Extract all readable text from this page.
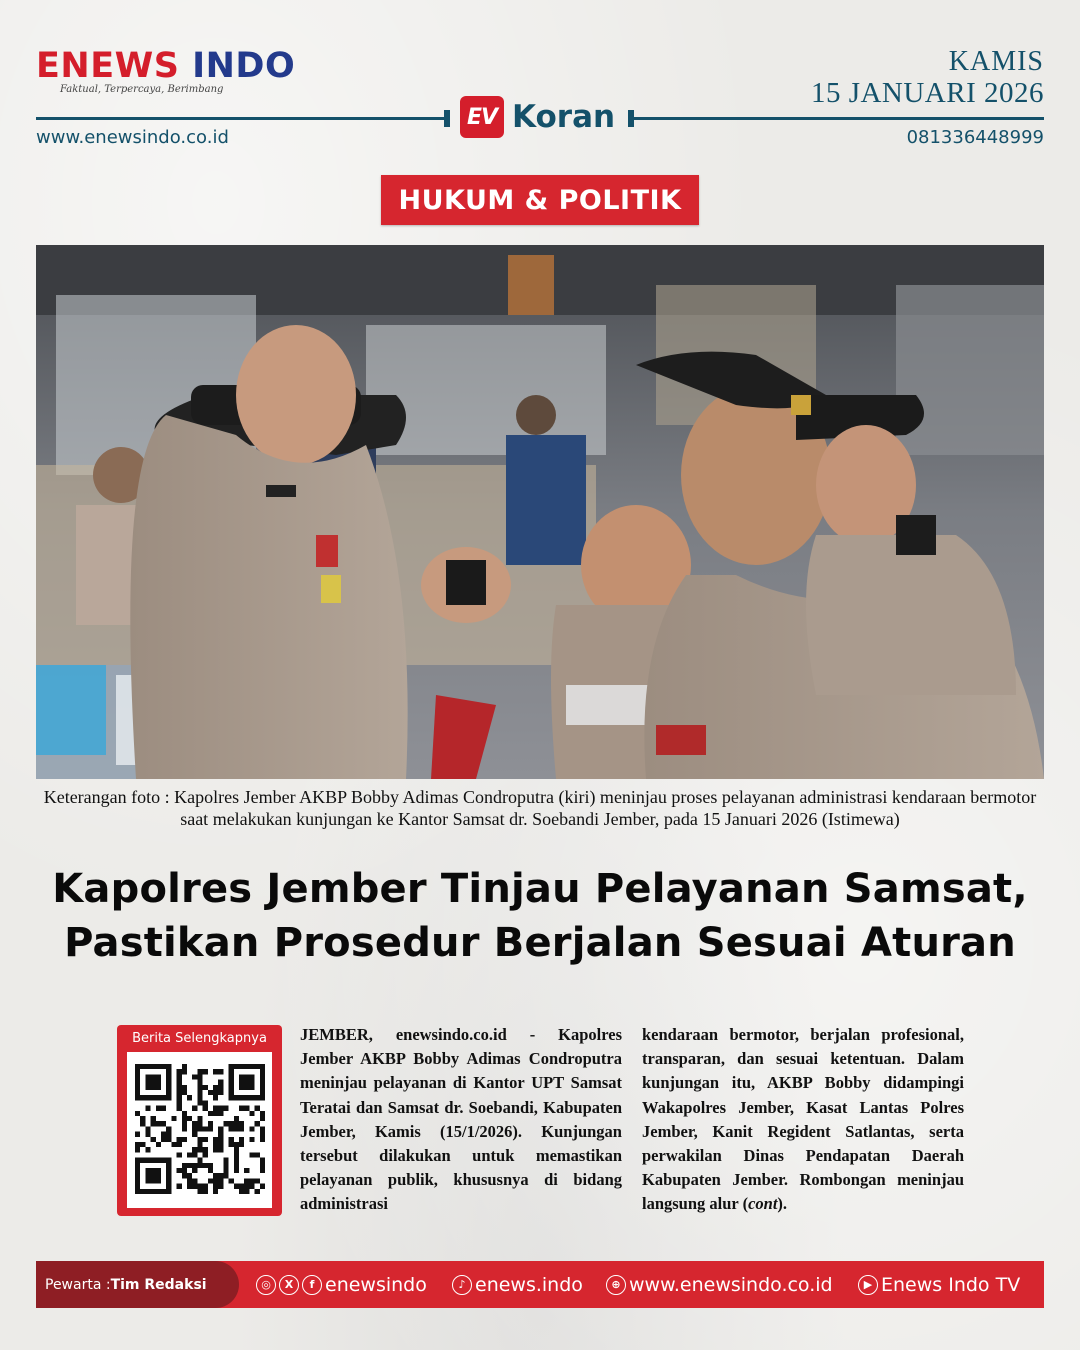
ENEWS INDO
Faktual, Terpercaya, Berimbang
KAMIS
15 JANUARI 2026
EV Koran
www.enewsindo.co.id	081336448999
HUKUM & POLITIK
Keterangan foto : Kapolres Jember AKBP Bobby Adimas Condroputra (kiri) meninjau proses pelayanan administrasi kendaraan bermotor saat melakukan kunjungan ke Kantor Samsat dr. Soebandi Jember, pada 15 Januari 2026 (Istimewa)
Kapolres Jember Tinjau Pelayanan Samsat, Pastikan Prosedur Berjalan Sesuai Aturan
Berita Selengkapnya	JEMBER, enewsindo.co.id - Kapolres Jember AKBP Bobby Adimas Condroputra meninjau pelayanan di Kantor UPT Samsat Teratai dan Samsat dr. Soebandi, Kabupaten Jember, Kamis (15/1/2026). Kunjungan tersebut dilakukan untuk memastikan pelayanan publik, khususnya di bidang administrasi

kendaraan bermotor, berjalan profesional, transparan, dan sesuai ketentuan. Dalam kunjungan itu, AKBP Bobby didampingi Wakapolres Jember, Kasat Lantas Polres Jember, Kanit Regident Satlantas, serta perwakilan Dinas Pendapatan Daerah Kabupaten Jember. Rombongan meninjau langsung alur (cont).

Pewarta : Tim Redaksi	◎	X	f enewsindo	♪ enews.indo	⊕ www.enewsindo.co.id	▶ Enews Indo TV
